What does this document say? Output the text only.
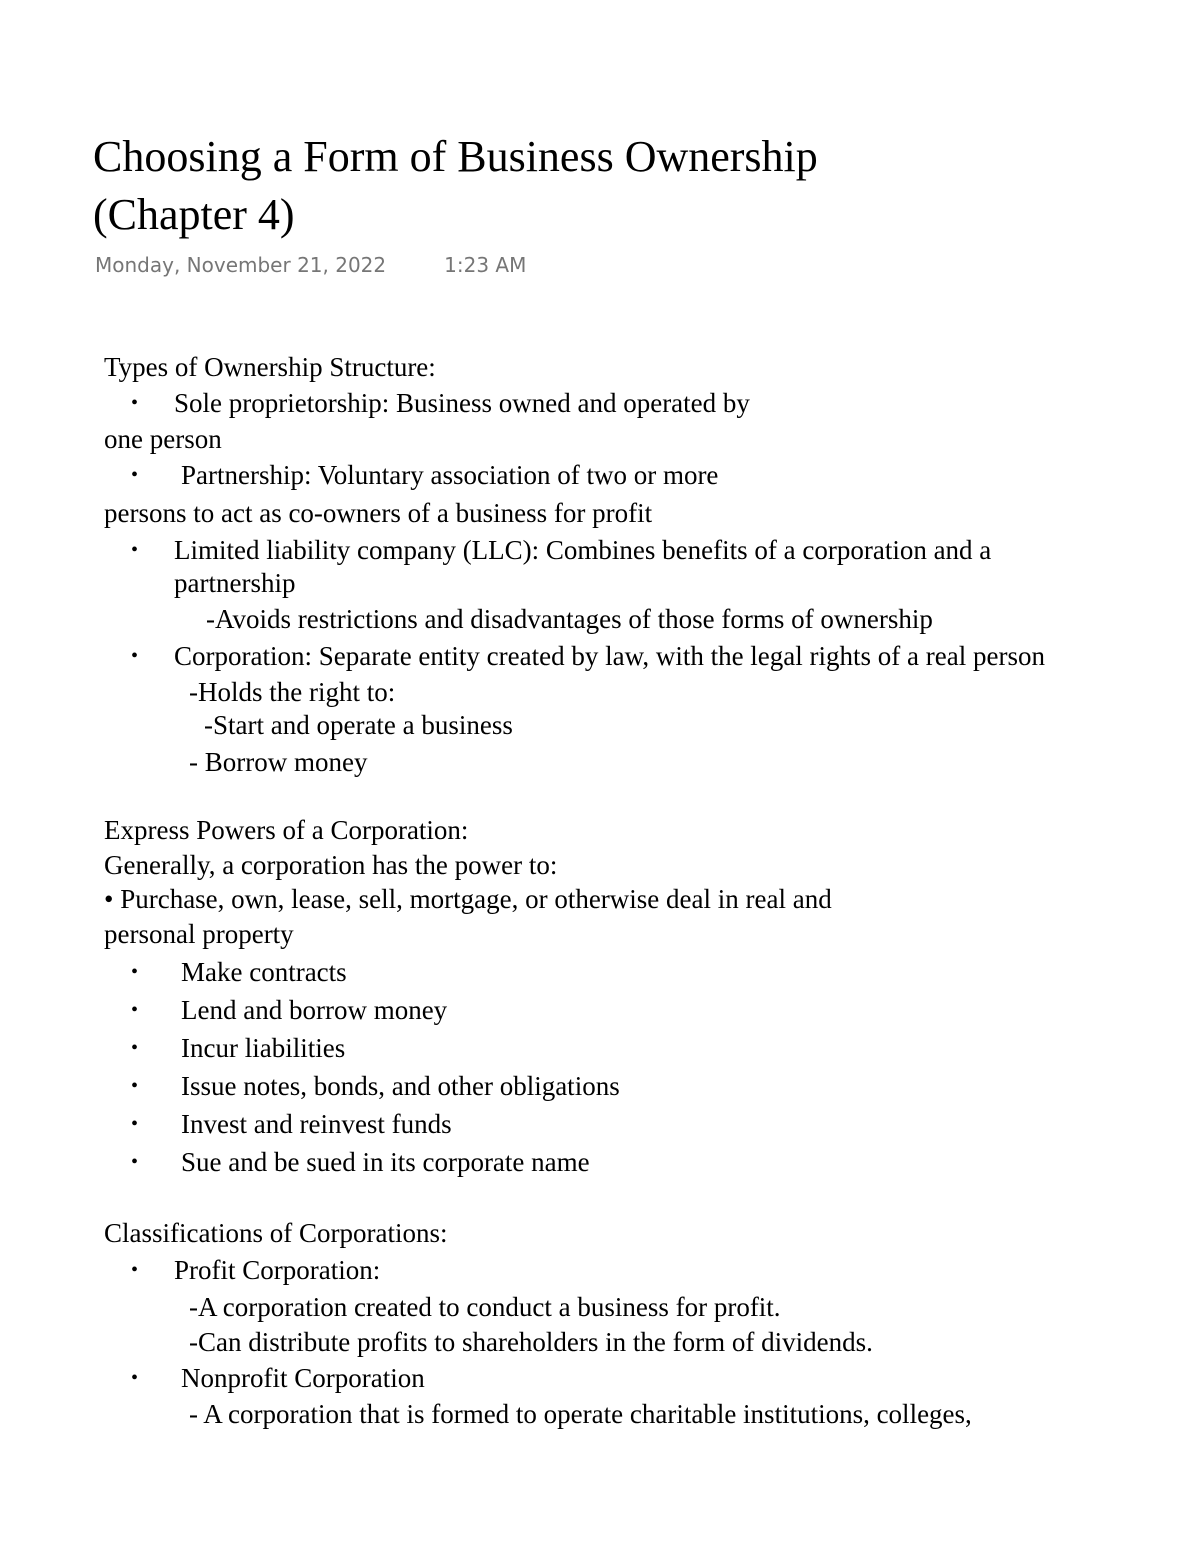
Choosing a Form of Business Ownership
(Chapter 4)
Monday, November 21, 2022	1:23 AM
Types of Ownership Structure:
• Sole proprietorship: Business owned and operated by
one person
• Partnership: Voluntary association of two or more
persons to act as co-owners of a business for profit
• Limited liability company (LLC): Combines benefits of a corporation and a
partnership
-Avoids restrictions and disadvantages of those forms of ownership
• Corporation: Separate entity created by law, with the legal rights of a real person
-Holds the right to:
-Start and operate a business
- Borrow money
Express Powers of a Corporation:
Generally, a corporation has the power to:
• Purchase, own, lease, sell, mortgage, or otherwise deal in real and
personal property
• Make contracts
• Lend and borrow money
• Incur liabilities
• Issue notes, bonds, and other obligations
• Invest and reinvest funds
• Sue and be sued in its corporate name
Classifications of Corporations:
• Profit Corporation:
-A corporation created to conduct a business for profit.
-Can distribute profits to shareholders in the form of dividends.
• Nonprofit Corporation
- A corporation that is formed to operate charitable institutions, colleges,
